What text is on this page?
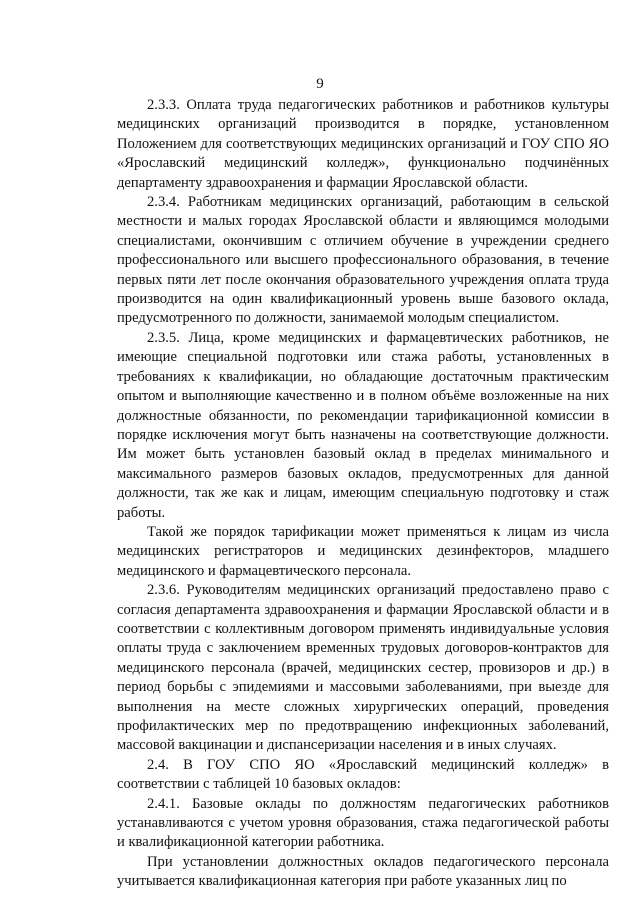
9

2.3.3. Оплата труда педагогических работников и работников культуры медицинских организаций производится в порядке, установленном Положением для соответствующих медицинских организаций и ГОУ СПО ЯО «Ярославский медицинский колледж», функционально подчинённых департаменту здравоохранения и фармации Ярославской области.

2.3.4. Работникам медицинских организаций, работающим в сельской местности и малых городах Ярославской области и являющимся молодыми специалистами, окончившим с отличием обучение в учреждении среднего профессионального или высшего профессионального образования, в течение первых пяти лет после окончания образовательного учреждения оплата труда производится на один квалификационный уровень выше базового оклада, предусмотренного по должности, занимаемой молодым специалистом.

2.3.5. Лица, кроме медицинских и фармацевтических работников, не имеющие специальной подготовки или стажа работы, установленных в требованиях к квалификации, но обладающие достаточным практическим опытом и выполняющие качественно и в полном объёме возложенные на них должностные обязанности, по рекомендации тарификационной комиссии в порядке исключения могут быть назначены на соответствующие должности. Им может быть установлен базовый оклад в пределах минимального и максимального размеров базовых окладов, предусмотренных для данной должности, так же как и лицам, имеющим специальную подготовку и стаж работы.

Такой же порядок тарификации может применяться к лицам из числа медицинских регистраторов и медицинских дезинфекторов, младшего медицинского и фармацевтического персонала.

2.3.6. Руководителям медицинских организаций предоставлено право с согласия департамента здравоохранения и фармации Ярославской области и в соответствии с коллективным договором применять индивидуальные условия оплаты труда с заключением временных трудовых договоров-контрактов для медицинского персонала (врачей, медицинских сестер, провизоров и др.) в период борьбы с эпидемиями и массовыми заболеваниями, при выезде для выполнения на месте сложных хирургических операций, проведения профилактических мер по предотвращению инфекционных заболеваний, массовой вакцинации и диспансеризации населения и в иных случаях.

2.4. В ГОУ СПО ЯО «Ярославский медицинский колледж» в соответствии с таблицей 10 базовых окладов:

2.4.1. Базовые оклады по должностям педагогических работников устанавливаются с учетом уровня образования, стажа педагогической работы и квалификационной категории работника.

При установлении должностных окладов педагогического персонала учитывается квалификационная категория при работе указанных лиц по
